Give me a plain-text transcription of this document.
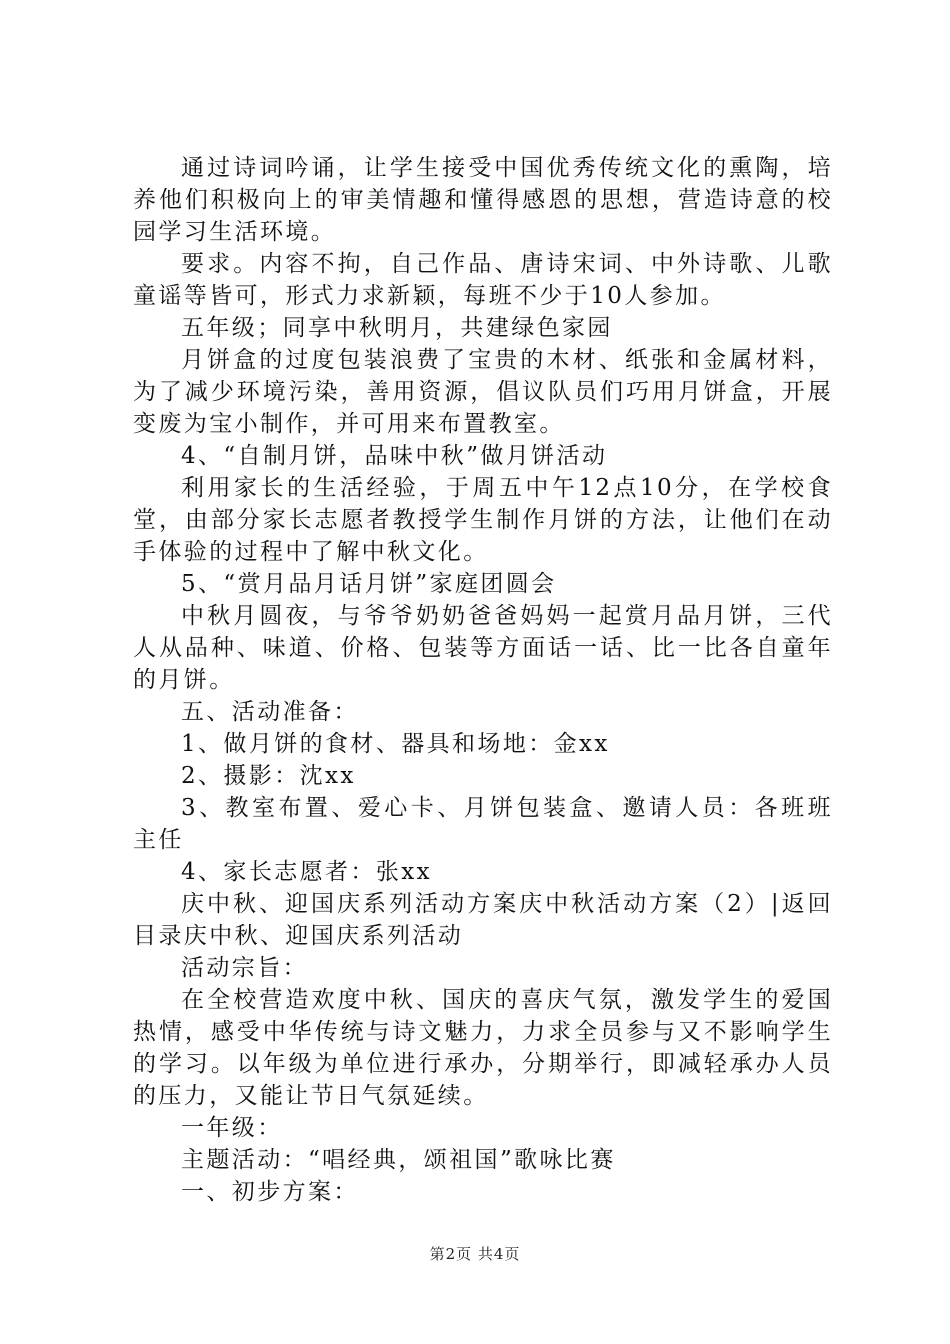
通过诗词吟诵，让学生接受中国优秀传统文化的熏陶，培养他们积极向上的审美情趣和懂得感恩的思想，营造诗意的校园学习生活环境。

要求。内容不拘，自己作品、唐诗宋词、中外诗歌、儿歌童谣等皆可，形式力求新颖，每班不少于10人参加。

五年级；同享中秋明月，共建绿色家园

月饼盒的过度包装浪费了宝贵的木材、纸张和金属材料，为了减少环境污染，善用资源，倡议队员们巧用月饼盒，开展变废为宝小制作，并可用来布置教室。

4、“自制月饼，品味中秋”做月饼活动

利用家长的生活经验，于周五中午12点10分，在学校食堂，由部分家长志愿者教授学生制作月饼的方法，让他们在动手体验的过程中了解中秋文化。

5、“赏月品月话月饼”家庭团圆会

中秋月圆夜，与爷爷奶奶爸爸妈妈一起赏月品月饼，三代人从品种、味道、价格、包装等方面话一话、比一比各自童年的月饼。

五、活动准备：

1、做月饼的食材、器具和场地：金xx

2、摄影：沈xx

3、教室布置、爱心卡、月饼包装盒、邀请人员：各班班主任

4、家长志愿者：张xx

庆中秋、迎国庆系列活动方案庆中秋活动方案（2）|返回目录庆中秋、迎国庆系列活动

活动宗旨：

在全校营造欢度中秋、国庆的喜庆气氛，激发学生的爱国热情，感受中华传统与诗文魅力，力求全员参与又不影响学生的学习。以年级为单位进行承办，分期举行，即减轻承办人员的压力，又能让节日气氛延续。

一年级：

主题活动：“唱经典，颂祖国”歌咏比赛

一、初步方案：

第2页 共4页
